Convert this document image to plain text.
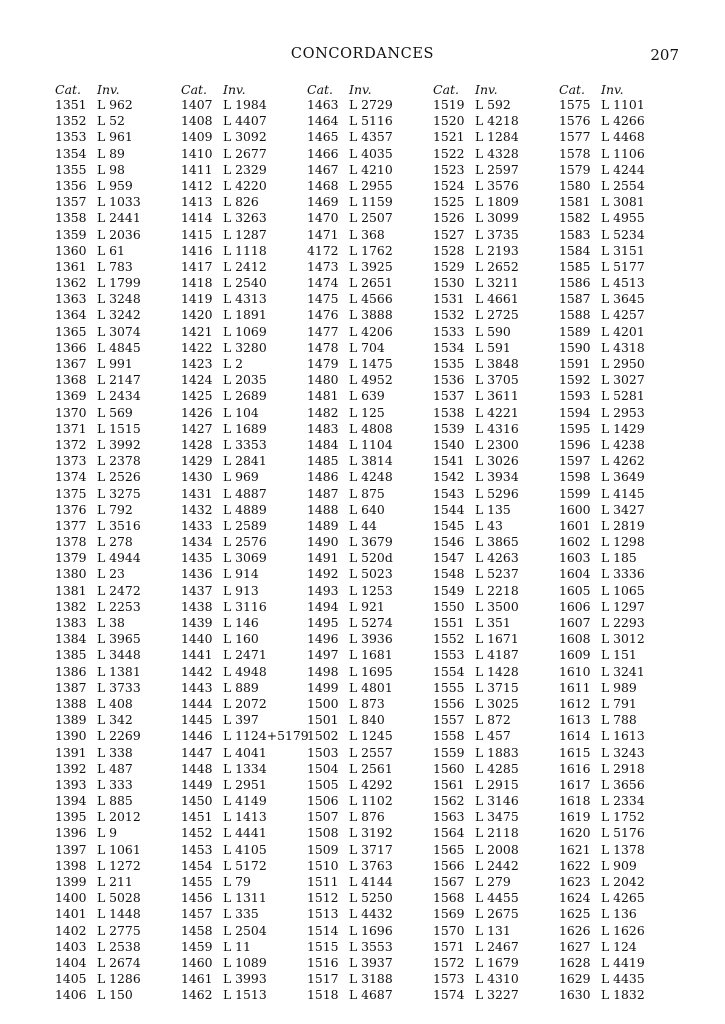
CONCORDANCES	207
Cat. Inv.
1351 L 962
1352 L 52
1353 L 961
1354 L 89
1355 L 98
1356 L 959
1357 L 1033
1358 L 2441
1359 L 2036
1360 L 61
1361 L 783
1362 L 1799
1363 L 3248
1364 L 3242
1365 L 3074
1366 L 4845
1367 L 991
1368 L 2147
1369 L 2434
1370 L 569
1371 L 1515
1372 L 3992
1373 L 2378
1374 L 2526
1375 L 3275
1376 L 792
1377 L 3516
1378 L 278
1379 L 4944
1380 L 23
1381 L 2472
1382 L 2253
1383 L 38
1384 L 3965
1385 L 3448
1386 L 1381
1387 L 3733
1388 L 408
1389 L 342
1390 L 2269
1391 L 338
1392 L 487
1393 L 333
1394 L 885
1395 L 2012
1396 L 9
1397 L 1061
1398 L 1272
1399 L 211
1400 L 5028
1401 L 1448
1402 L 2775
1403 L 2538
1404 L 2674
1405 L 1286
1406 L 150
Cat. Inv.
1407 L 1984
1408 L 4407
1409 L 3092
1410 L 2677
1411 L 2329
1412 L 4220
1413 L 826
1414 L 3263
1415 L 1287
1416 L 1118
1417 L 2412
1418 L 2540
1419 L 4313
1420 L 1891
1421 L 1069
1422 L 3280
1423 L 2
1424 L 2035
1425 L 2689
1426 L 104
1427 L 1689
1428 L 3353
1429 L 2841
1430 L 969
1431 L 4887
1432 L 4889
1433 L 2589
1434 L 2576
1435 L 3069
1436 L 914
1437 L 913
1438 L 3116
1439 L 146
1440 L 160
1441 L 2471
1442 L 4948
1443 L 889
1444 L 2072
1445 L 397
1446 L 1124+5179
1447 L 4041
1448 L 1334
1449 L 2951
1450 L 4149
1451 L 1413
1452 L 4441
1453 L 4105
1454 L 5172
1455 L 79
1456 L 1311
1457 L 335
1458 L 2504
1459 L 11
1460 L 1089
1461 L 3993
1462 L 1513
Cat. Inv.
1463 L 2729
1464 L 5116
1465 L 4357
1466 L 4035
1467 L 4210
1468 L 2955
1469 L 1159
1470 L 2507
1471 L 368
4172 L 1762
1473 L 3925
1474 L 2651
1475 L 4566
1476 L 3888
1477 L 4206
1478 L 704
1479 L 1475
1480 L 4952
1481 L 639
1482 L 125
1483 L 4808
1484 L 1104
1485 L 3814
1486 L 4248
1487 L 875
1488 L 640
1489 L 44
1490 L 3679
1491 L 520d
1492 L 5023
1493 L 1253
1494 L 921
1495 L 5274
1496 L 3936
1497 L 1681
1498 L 1695
1499 L 4801
1500 L 873
1501 L 840
1502 L 1245
1503 L 2557
1504 L 2561
1505 L 4292
1506 L 1102
1507 L 876
1508 L 3192
1509 L 3717
1510 L 3763
1511 L 4144
1512 L 5250
1513 L 4432
1514 L 1696
1515 L 3553
1516 L 3937
1517 L 3188
1518 L 4687
Cat. Inv.
1519 L 592
1520 L 4218
1521 L 1284
1522 L 4328
1523 L 2597
1524 L 3576
1525 L 1809
1526 L 3099
1527 L 3735
1528 L 2193
1529 L 2652
1530 L 3211
1531 L 4661
1532 L 2725
1533 L 590
1534 L 591
1535 L 3848
1536 L 3705
1537 L 3611
1538 L 4221
1539 L 4316
1540 L 2300
1541 L 3026
1542 L 3934
1543 L 5296
1544 L 135
1545 L 43
1546 L 3865
1547 L 4263
1548 L 5237
1549 L 2218
1550 L 3500
1551 L 351
1552 L 1671
1553 L 4187
1554 L 1428
1555 L 3715
1556 L 3025
1557 L 872
1558 L 457
1559 L 1883
1560 L 4285
1561 L 2915
1562 L 3146
1563 L 3475
1564 L 2118
1565 L 2008
1566 L 2442
1567 L 279
1568 L 4455
1569 L 2675
1570 L 131
1571 L 2467
1572 L 1679
1573 L 4310
1574 L 3227
Cat. Inv.
1575 L 1101
1576 L 4266
1577 L 4468
1578 L 1106
1579 L 4244
1580 L 2554
1581 L 3081
1582 L 4955
1583 L 5234
1584 L 3151
1585 L 5177
1586 L 4513
1587 L 3645
1588 L 4257
1589 L 4201
1590 L 4318
1591 L 2950
1592 L 3027
1593 L 5281
1594 L 2953
1595 L 1429
1596 L 4238
1597 L 4262
1598 L 3649
1599 L 4145
1600 L 3427
1601 L 2819
1602 L 1298
1603 L 185
1604 L 3336
1605 L 1065
1606 L 1297
1607 L 2293
1608 L 3012
1609 L 151
1610 L 3241
1611 L 989
1612 L 791
1613 L 788
1614 L 1613
1615 L 3243
1616 L 2918
1617 L 3656
1618 L 2334
1619 L 1752
1620 L 5176
1621 L 1378
1622 L 909
1623 L 2042
1624 L 4265
1625 L 136
1626 L 1626
1627 L 124
1628 L 4419
1629 L 4435
1630 L 1832
